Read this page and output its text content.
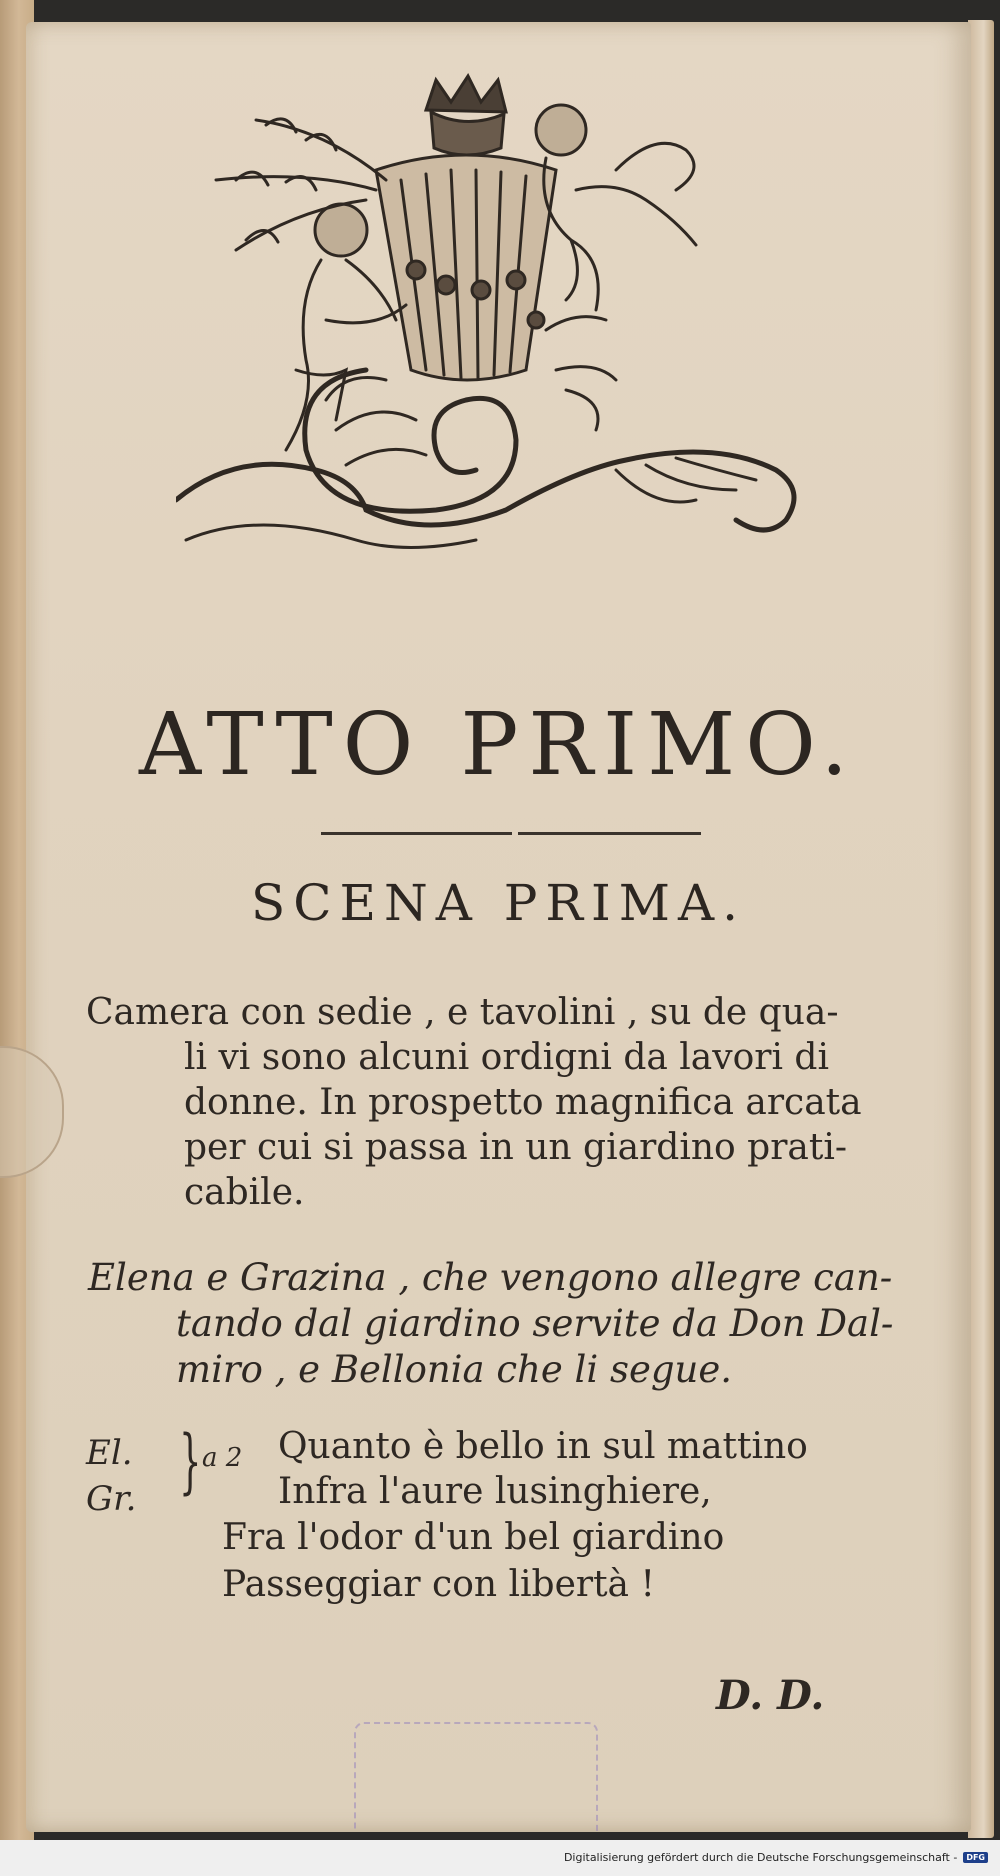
ATTO PRIMO.
SCENA PRIMA.
Camera con sedie , e tavolini , su de qua-
li vi sono alcuni ordigni da lavori di
donne. In prospetto magnifica arcata
per cui si passa in un giardino prati-
cabile.
Elena e Grazina , che vengono allegre can-
tando dal giardino servite da Don Dal-
miro , e Bellonia che li segue.
El.
Gr. } a 2 Quanto è bello in sul mattino
Infra l'aure lusinghiere,
Fra l'odor d'un bel giardino
Passeggiar con libertà !
D. D.
Digitalisierung gefördert durch die Deutsche Forschungsgemeinschaft -	DFG
